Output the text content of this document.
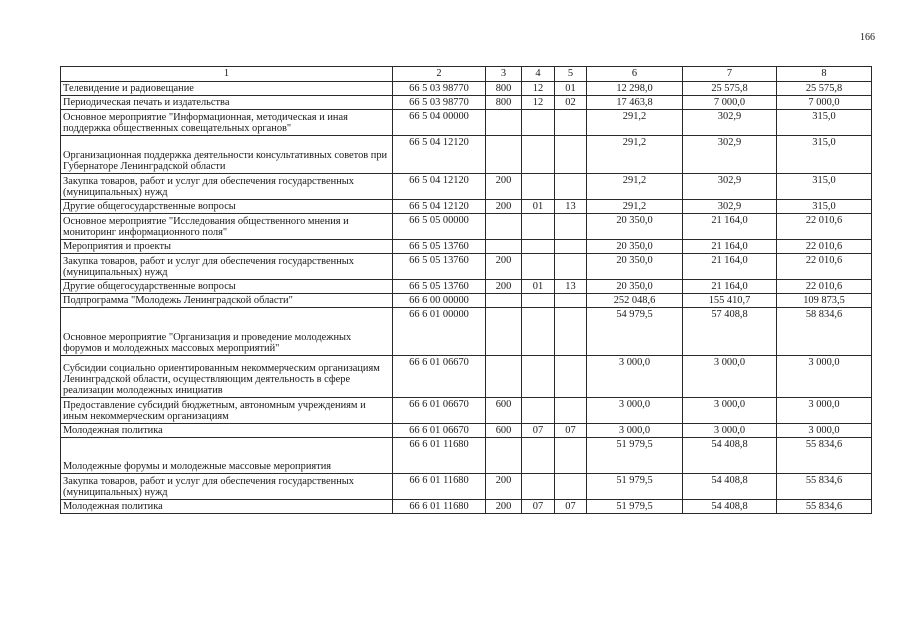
166
1	2	3	4	5	6	7	8
Телевидение и радиовещание	66 5 03 98770	800	12	01	12 298,0	25 575,8	25 575,8
Периодическая печать и издательства	66 5 03 98770	800	12	02	17 463,8	7 000,0	7 000,0
Основное мероприятие "Информационная, методическая и иная поддержка общественных совещательных органов"	66 5 04 00000				291,2	302,9	315,0
Организационная поддержка деятельности консультативных советов при Губернаторе Ленинградской области	66 5 04 12120				291,2	302,9	315,0
Закупка товаров, работ и услуг для обеспечения государственных (муниципальных) нужд	66 5 04 12120	200			291,2	302,9	315,0
Другие общегосударственные вопросы	66 5 04 12120	200	01	13	291,2	302,9	315,0
Основное мероприятие "Исследования общественного мнения и мониторинг информационного поля"	66 5 05 00000				20 350,0	21 164,0	22 010,6
Мероприятия и проекты	66 5 05 13760				20 350,0	21 164,0	22 010,6
Закупка товаров, работ и услуг для обеспечения государственных (муниципальных) нужд	66 5 05 13760	200			20 350,0	21 164,0	22 010,6
Другие общегосударственные вопросы	66 5 05 13760	200	01	13	20 350,0	21 164,0	22 010,6
Подпрограмма "Молодежь Ленинградской области"	66 6 00 00000				252 048,6	155 410,7	109 873,5
Основное мероприятие "Организация и проведение молодежных форумов и молодежных массовых мероприятий"	66 6 01 00000				54 979,5	57 408,8	58 834,6
Субсидии социально ориентированным некоммерческим организациям Ленинградской области, осуществляющим деятельность в сфере реализации молодежных инициатив	66 6 01 06670				3 000,0	3 000,0	3 000,0
Предоставление субсидий бюджетным, автономным учреждениям и иным некоммерческим организациям	66 6 01 06670	600			3 000,0	3 000,0	3 000,0
Молодежная политика	66 6 01 06670	600	07	07	3 000,0	3 000,0	3 000,0
Молодежные форумы и молодежные массовые мероприятия	66 6 01 11680				51 979,5	54 408,8	55 834,6
Закупка товаров, работ и услуг для обеспечения государственных (муниципальных) нужд	66 6 01 11680	200			51 979,5	54 408,8	55 834,6
Молодежная политика	66 6 01 11680	200	07	07	51 979,5	54 408,8	55 834,6
